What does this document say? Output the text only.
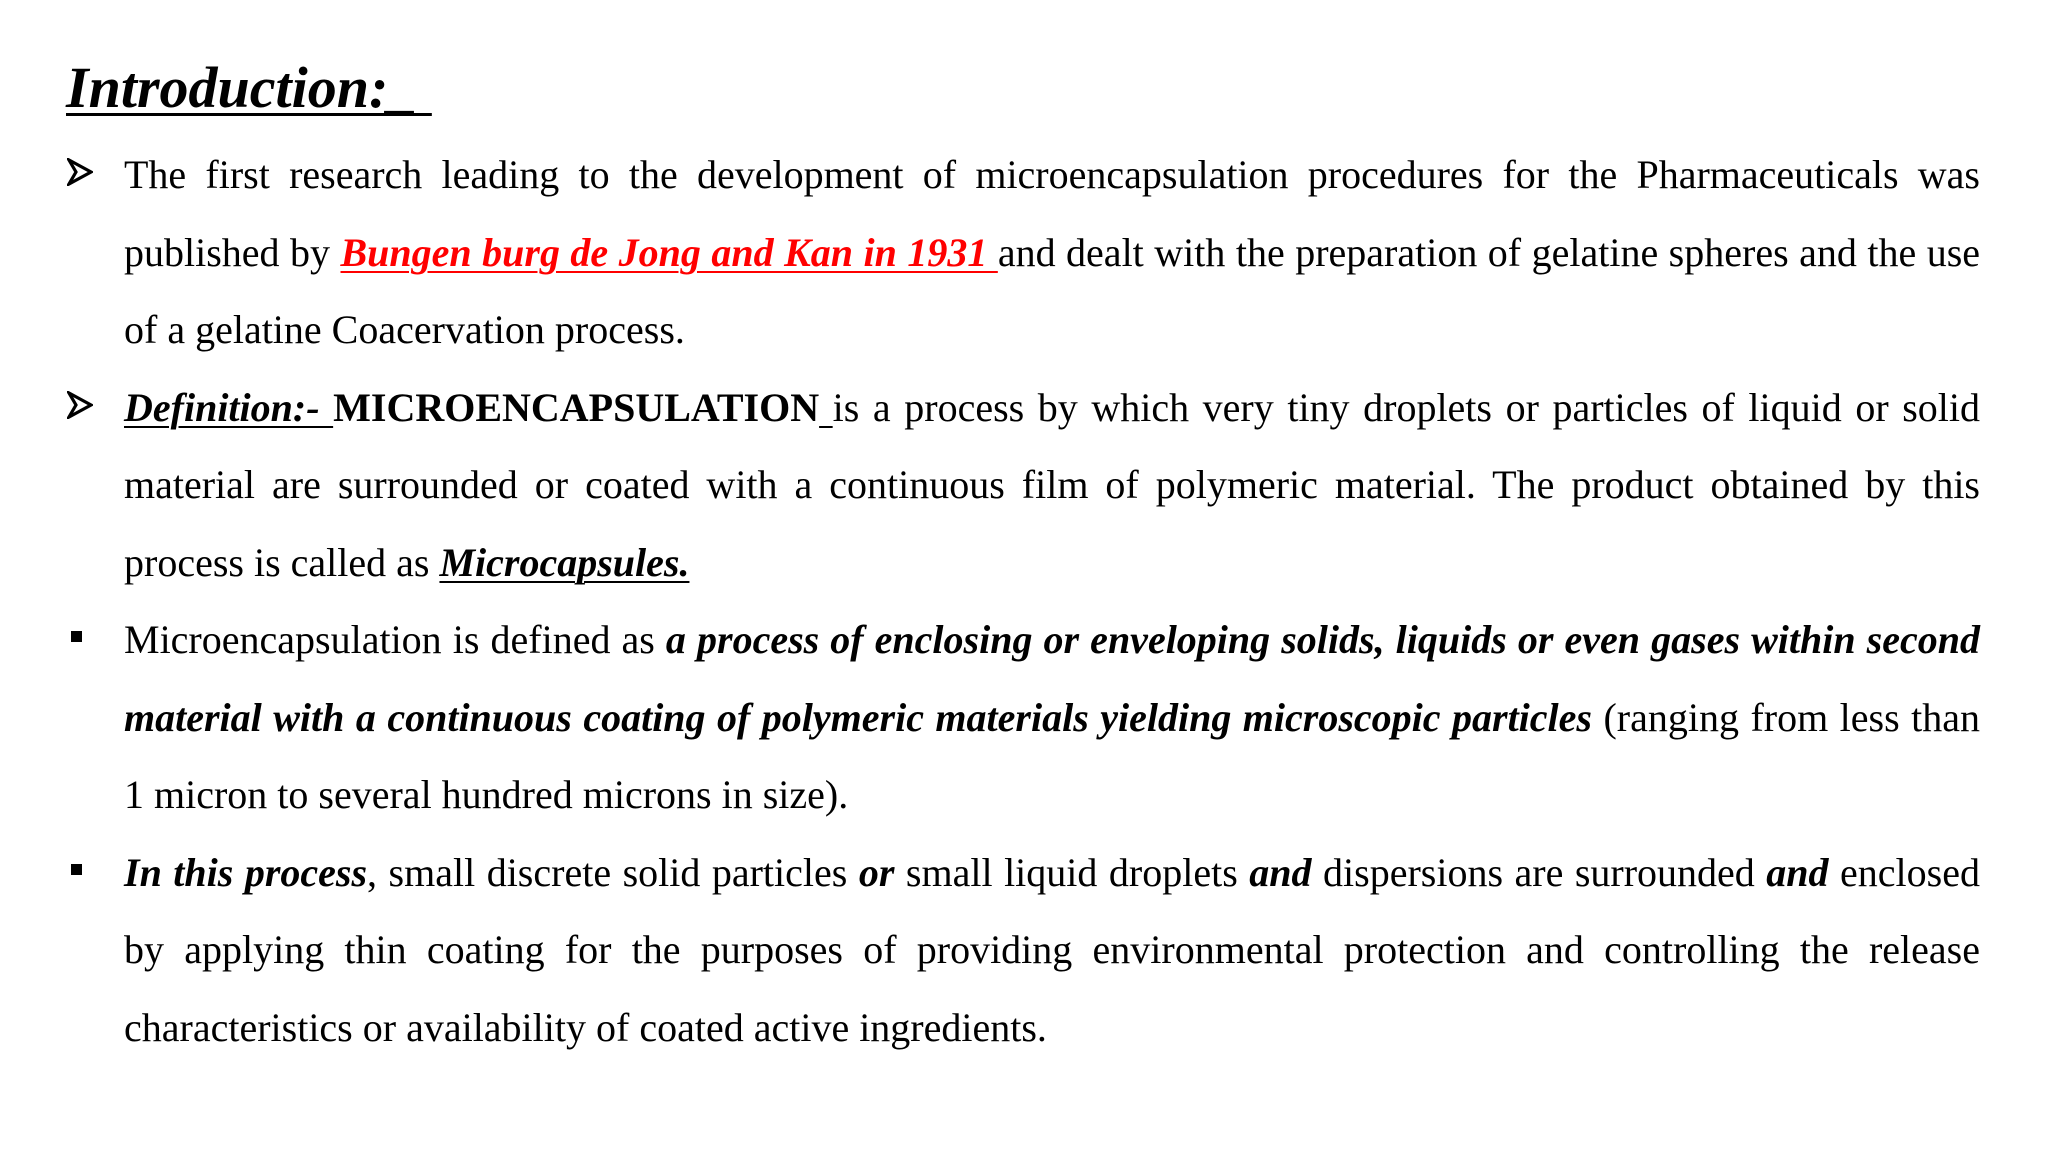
Introduction:_
The first research leading to the development of microencapsulation procedures for the Pharmaceuticals was published by Bungen burg de Jong and Kan in 1931 and dealt with the preparation of gelatine spheres and the use of a gelatine Coacervation process.
Definition:- MICROENCAPSULATION is a process by which very tiny droplets or particles of liquid or solid material are surrounded or coated with a continuous film of polymeric material. The product obtained by this process is called as Microcapsules.
Microencapsulation is defined as a process of enclosing or enveloping solids, liquids or even gases within second material with a continuous coating of polymeric materials yielding microscopic particles (ranging from less than 1 micron to several hundred microns in size).
In this process, small discrete solid particles or small liquid droplets and dispersions are surrounded and enclosed by applying thin coating for the purposes of providing environmental protection and controlling the release characteristics or availability of coated active ingredients.
